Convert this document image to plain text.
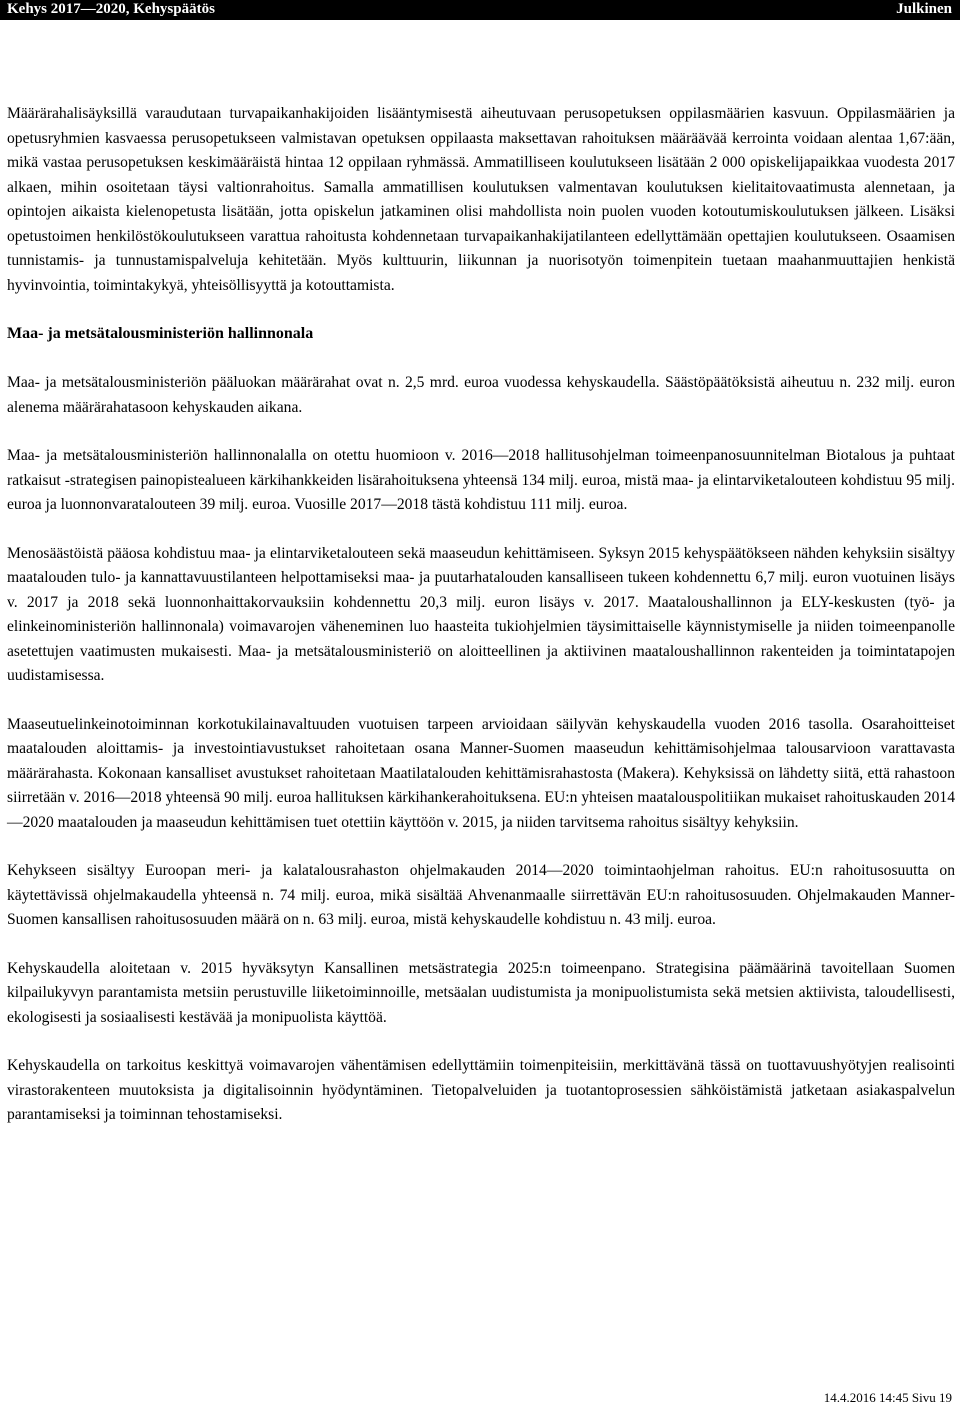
Kehys 2017—2020, Kehyspäätös	Julkinen

Määrärahalisäyksillä varaudutaan turvapaikanhakijoiden lisääntymisestä aiheutuvaan perusopetuksen oppilasmäärien kasvuun. Oppilasmäärien ja opetusryhmien kasvaessa perusopetukseen valmistavan opetuksen oppilaasta maksettavan rahoituksen määräävää kerrointa voidaan alentaa 1,67:ään, mikä vastaa perusopetuksen keskimääräistä hintaa 12 oppilaan ryhmässä. Ammatilliseen koulutukseen lisätään 2 000 opiskelijapaikkaa vuodesta 2017 alkaen, mihin osoitetaan täysi valtionrahoitus. Samalla ammatillisen koulutuksen valmentavan koulutuksen kielitaitovaatimusta alennetaan, ja opintojen aikaista kielenopetusta lisätään, jotta opiskelun jatkaminen olisi mahdollista noin puolen vuoden kotoutumiskoulutuksen jälkeen. Lisäksi opetustoimen henkilöstökoulutukseen varattua rahoitusta kohdennetaan turvapaikanhakijatilanteen edellyttämään opettajien koulutukseen. Osaamisen tunnistamis- ja tunnustamispalveluja kehitetään. Myös kulttuurin, liikunnan ja nuorisotyön toimenpitein tuetaan maahanmuuttajien henkistä hyvinvointia, toimintakykyä, yhteisöllisyyttä ja kotouttamista.

Maa- ja metsätalousministeriön hallinnonala

Maa- ja metsätalousministeriön pääluokan määrärahat ovat n. 2,5 mrd. euroa vuodessa kehyskaudella. Säästöpäätöksistä aiheutuu n. 232 milj. euron alenema määrärahatasoon kehyskauden aikana.

Maa- ja metsätalousministeriön hallinnonalalla on otettu huomioon v. 2016—2018 hallitusohjelman toimeenpanosuunnitelman Biotalous ja puhtaat ratkaisut -strategisen painopistealueen kärkihankkeiden lisärahoituksena yhteensä 134 milj. euroa, mistä maa- ja elintarviketalouteen kohdistuu 95 milj. euroa ja luonnonvaratalouteen 39 milj. euroa. Vuosille 2017—2018 tästä kohdistuu 111 milj. euroa.

Menosäästöistä pääosa kohdistuu maa- ja elintarviketalouteen sekä maaseudun kehittämiseen. Syksyn 2015 kehyspäätökseen nähden kehyksiin sisältyy maatalouden tulo- ja kannattavuustilanteen helpottamiseksi maa- ja puutarhatalouden kansalliseen tukeen kohdennettu 6,7 milj. euron vuotuinen lisäys v. 2017 ja 2018 sekä luonnonhaittakorvauksiin kohdennettu 20,3 milj. euron lisäys v. 2017. Maataloushallinnon ja ELY-keskusten (työ- ja elinkeinoministeriön hallinnonala) voimavarojen väheneminen luo haasteita tukiohjelmien täysimittaiselle käynnistymiselle ja niiden toimeenpanolle asetettujen vaatimusten mukaisesti. Maa- ja metsätalousministeriö on aloitteellinen ja aktiivinen maataloushallinnon rakenteiden ja toimintatapojen uudistamisessa.

Maaseutuelinkeinotoiminnan korkotukilainavaltuuden vuotuisen tarpeen arvioidaan säilyvän kehyskaudella vuoden 2016 tasolla. Osarahoitteiset maatalouden aloittamis- ja investointiavustukset rahoitetaan osana Manner-Suomen maaseudun kehittämisohjelmaa talousarvioon varattavasta määrärahasta. Kokonaan kansalliset avustukset rahoitetaan Maatilatalouden kehittämisrahastosta (Makera). Kehyksissä on lähdetty siitä, että rahastoon siirretään v. 2016—2018 yhteensä 90 milj. euroa hallituksen kärkihankerahoituksena. EU:n yhteisen maatalouspolitiikan mukaiset rahoituskauden 2014—2020 maatalouden ja maaseudun kehittämisen tuet otettiin käyttöön v. 2015, ja niiden tarvitsema rahoitus sisältyy kehyksiin.

Kehykseen sisältyy Euroopan meri- ja kalatalousrahaston ohjelmakauden 2014—2020 toimintaohjelman rahoitus. EU:n rahoitusosuutta on käytettävissä ohjelmakaudella yhteensä n. 74 milj. euroa, mikä sisältää Ahvenanmaalle siirrettävän EU:n rahoitusosuuden. Ohjelmakauden Manner-Suomen kansallisen rahoitusosuuden määrä on n. 63 milj. euroa, mistä kehyskaudelle kohdistuu n. 43 milj. euroa.

Kehyskaudella aloitetaan v. 2015 hyväksytyn Kansallinen metsästrategia 2025:n toimeenpano. Strategisina päämäärinä tavoitellaan Suomen kilpailukyvyn parantamista metsiin perustuville liiketoiminnoille, metsäalan uudistumista ja monipuolistumista sekä metsien aktiivista, taloudellisesti, ekologisesti ja sosiaalisesti kestävää ja monipuolista käyttöä.

Kehyskaudella on tarkoitus keskittyä voimavarojen vähentämisen edellyttämiin toimenpiteisiin, merkittävänä tässä on tuottavuushyötyjen realisointi virastorakenteen muutoksista ja digitalisoinnin hyödyntäminen. Tietopalveluiden ja tuotantoprosessien sähköistämistä jatketaan asiakaspalvelun parantamiseksi ja toiminnan tehostamiseksi.

14.4.2016 14:45 Sivu 19
